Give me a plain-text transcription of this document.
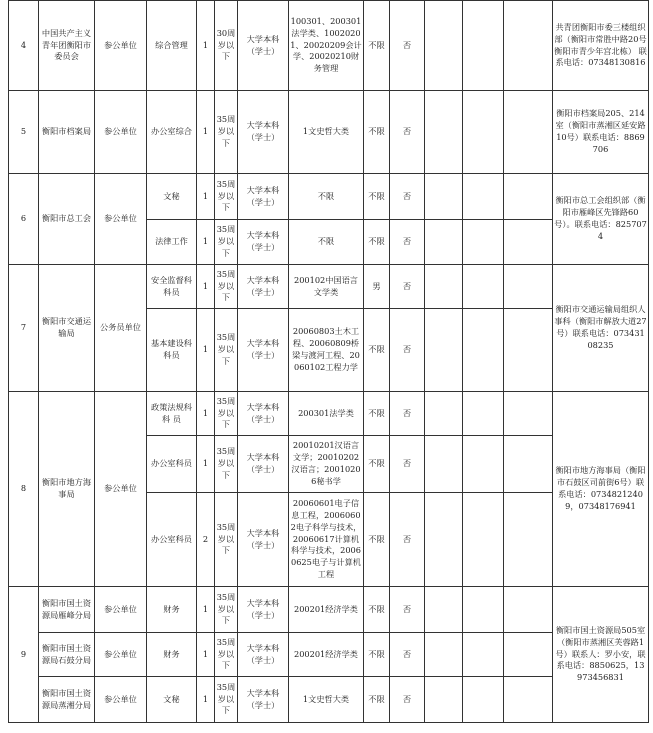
4	中国共产主义青年团衡阳市委员会	参公单位	综合管理	1	30周岁以下	大学本科（学士）	100301、200301法学类、10020201、20020209会计学、20020210财务管理	不限	否				共青团衡阳市委三楼组织部（衡阳市常胜中路20号 衡阳市青少年宫北栋） 联系电话：07348130816
5	衡阳市档案局	参公单位	办公室综合	1	35周岁以下	大学本科（学士）	1文史哲大类	不限	否				衡阳市档案局205、214室（衡阳市蒸湘区延安路10号）联系电话：8869706
6	衡阳市总工会	参公单位	文秘	1	35周岁以下	大学本科（学士）	不限	不限	否				衡阳市总工会组织部（衡阳市雁峰区先锋路60号）。联系电话：8257074
			法律工作	1	35周岁以下	大学本科（学士）	不限	不限	否				
7	衡阳市交通运输局	公务员单位	安全监督科科员	1	35周岁以下	大学本科（学士）	200102中国语言文学类	男	否				衡阳市交通运输局组织人事科（衡阳市解放大道27号）联系电话：07343108235
			基本建设科科员	1	35周岁以下	大学本科（学士）	20060803土木工程、20060809桥梁与渡河工程、20060102工程力学	不限	否				
8	衡阳市地方海事局	参公单位	政策法规科 科 员	1	35周岁以下	大学本科（学士）	200301法学类	不限	否				衡阳市地方海事局（衡阳市石鼓区司前街6号）联系电话：07348212409，07348176941
			办公室科员	1	35周岁以下	大学本科（学士）	20010201汉语言文学；20010202汉语言；20010206秘书学	不限	否				
			办公室科员	2	35周岁以下	大学本科（学士）	20060601电子信息工程，20060602电子科学与技术，20060617计算机科学与技术，20060625电子与计算机工程	不限	否				
9	衡阳市国土资源局雁峰分局	参公单位	财务	1	35周岁以下	大学本科（学士）	200201经济学类	不限	否				衡阳市国土资源局505室（衡阳市蒸湘区芙蓉路1号）联系人：罗小安，联系电话：8850625，13973456831
	衡阳市国土资源局石鼓分局	参公单位	财务	1	35周岁以下	大学本科（学士）	200201经济学类	不限	否				
	衡阳市国土资源局蒸湘分局	参公单位	文秘	1	35周岁以下	大学本科（学士）	1文史哲大类	不限	否				
